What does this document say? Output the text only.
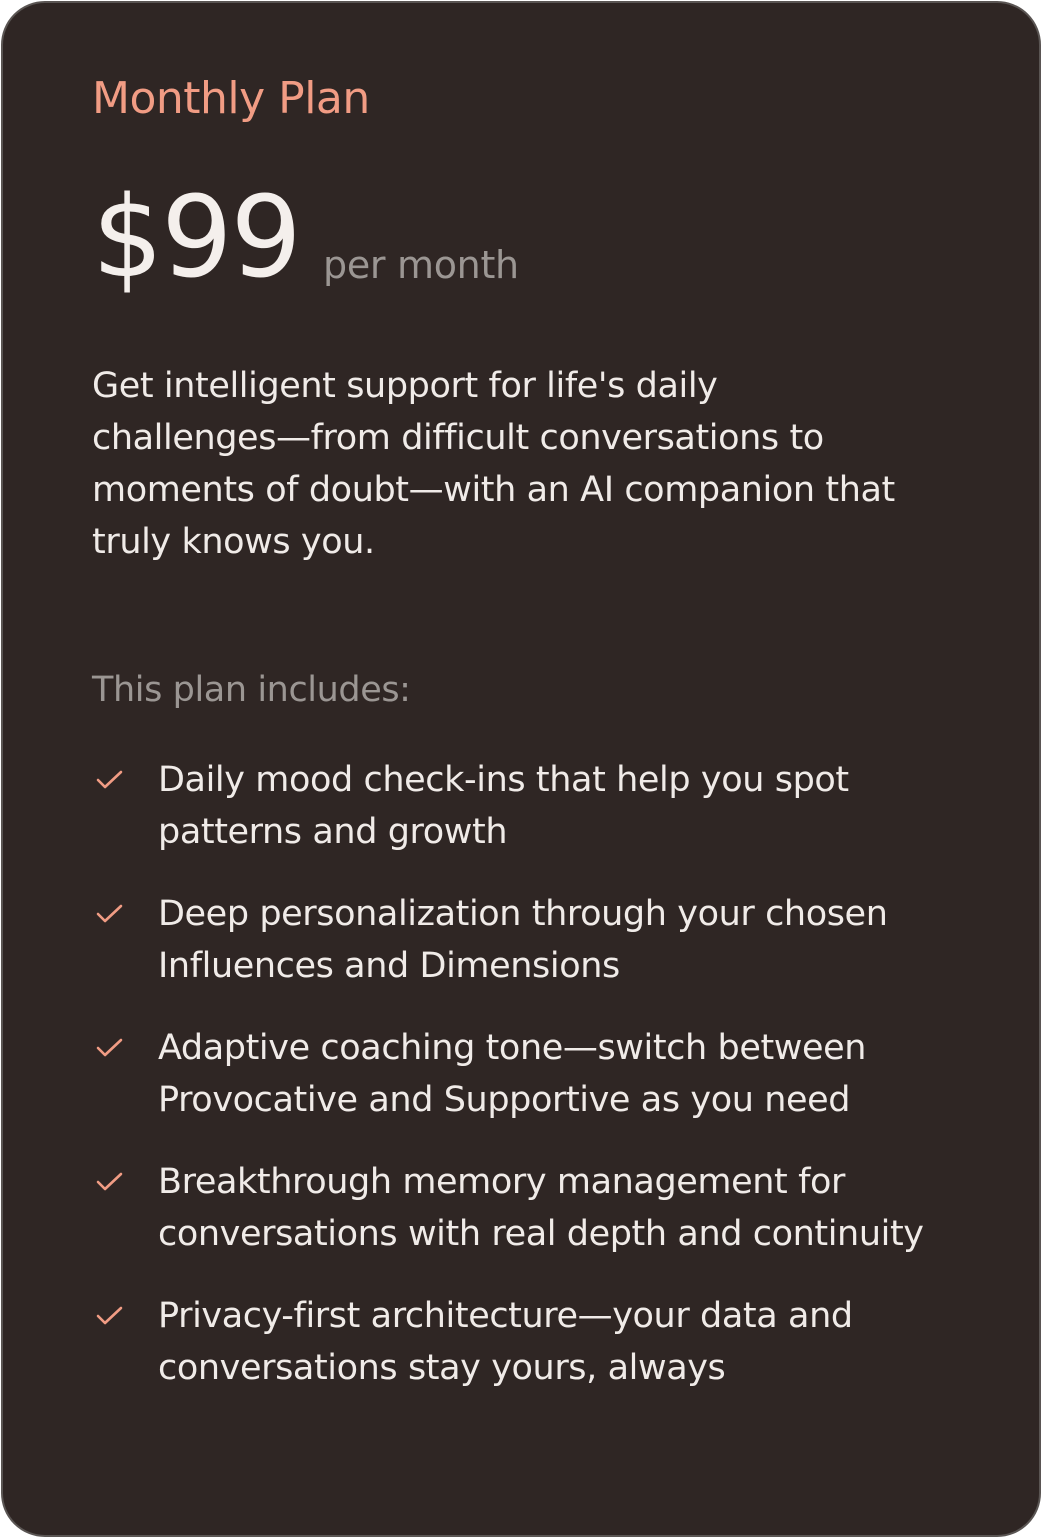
Monthly Plan
$99 per month
Get intelligent support for life's daily challenges—from difficult conversations to moments of doubt—with an AI companion that truly knows you.
This plan includes:
Daily mood check-ins that help you spot patterns and growth
Deep personalization through your chosen Influences and Dimensions
Adaptive coaching tone—switch between Provocative and Supportive as you need
Breakthrough memory management for conversations with real depth and continuity
Privacy-first architecture—your data and conversations stay yours, always
